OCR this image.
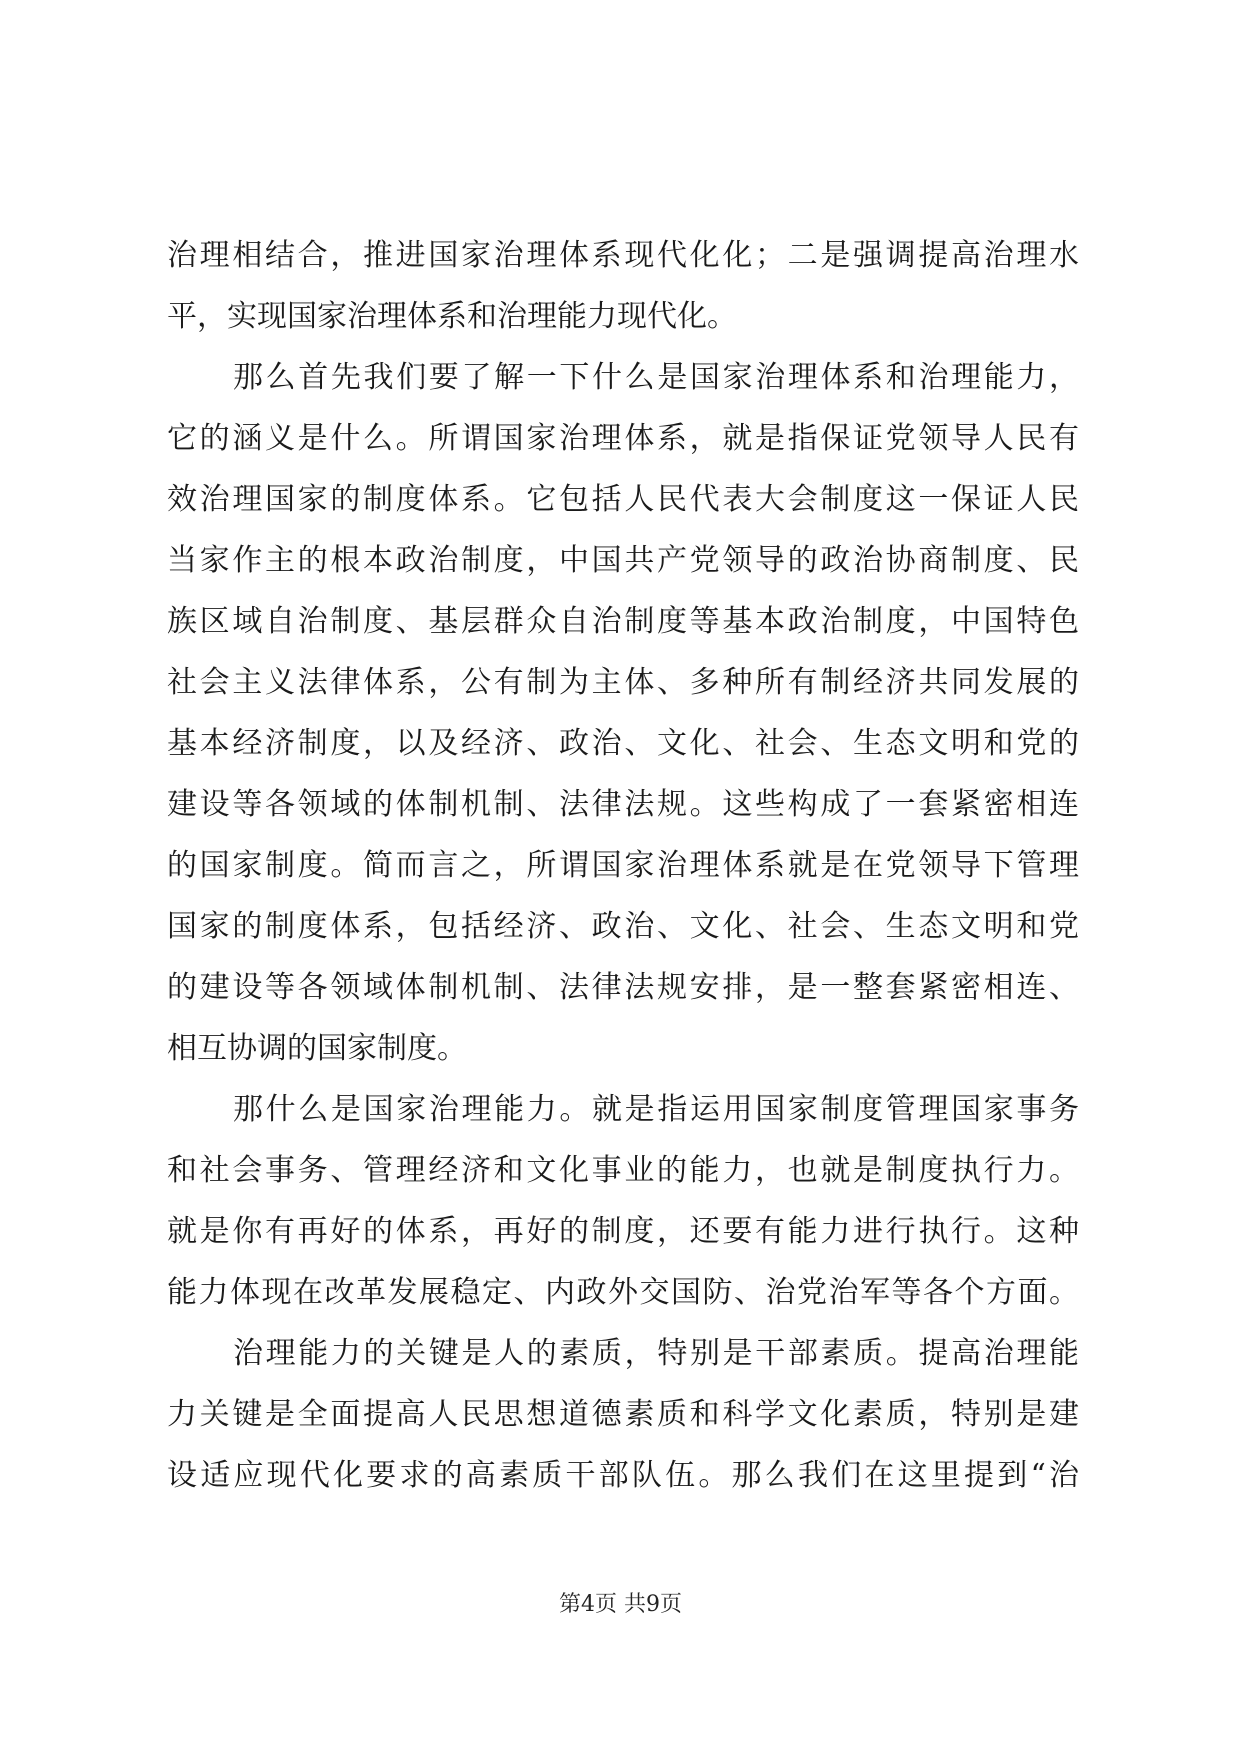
治理相结合，推进国家治理体系现代化化；二是强调提高治理水
平，实现国家治理体系和治理能力现代化。
那么首先我们要了解一下什么是国家治理体系和治理能力，
它的涵义是什么。所谓国家治理体系，就是指保证党领导人民有
效治理国家的制度体系。它包括人民代表大会制度这一保证人民
当家作主的根本政治制度，中国共产党领导的政治协商制度、民
族区域自治制度、基层群众自治制度等基本政治制度，中国特色
社会主义法律体系，公有制为主体、多种所有制经济共同发展的
基本经济制度，以及经济、政治、文化、社会、生态文明和党的
建设等各领域的体制机制、法律法规。这些构成了一套紧密相连
的国家制度。简而言之，所谓国家治理体系就是在党领导下管理
国家的制度体系，包括经济、政治、文化、社会、生态文明和党
的建设等各领域体制机制、法律法规安排，是一整套紧密相连、
相互协调的国家制度。
那什么是国家治理能力。就是指运用国家制度管理国家事务
和社会事务、管理经济和文化事业的能力，也就是制度执行力。
就是你有再好的体系，再好的制度，还要有能力进行执行。这种
能力体现在改革发展稳定、内政外交国防、治党治军等各个方面。
治理能力的关键是人的素质，特别是干部素质。提高治理能
力关键是全面提高人民思想道德素质和科学文化素质，特别是建
设适应现代化要求的高素质干部队伍。那么我们在这里提到“治
第4页 共9页
